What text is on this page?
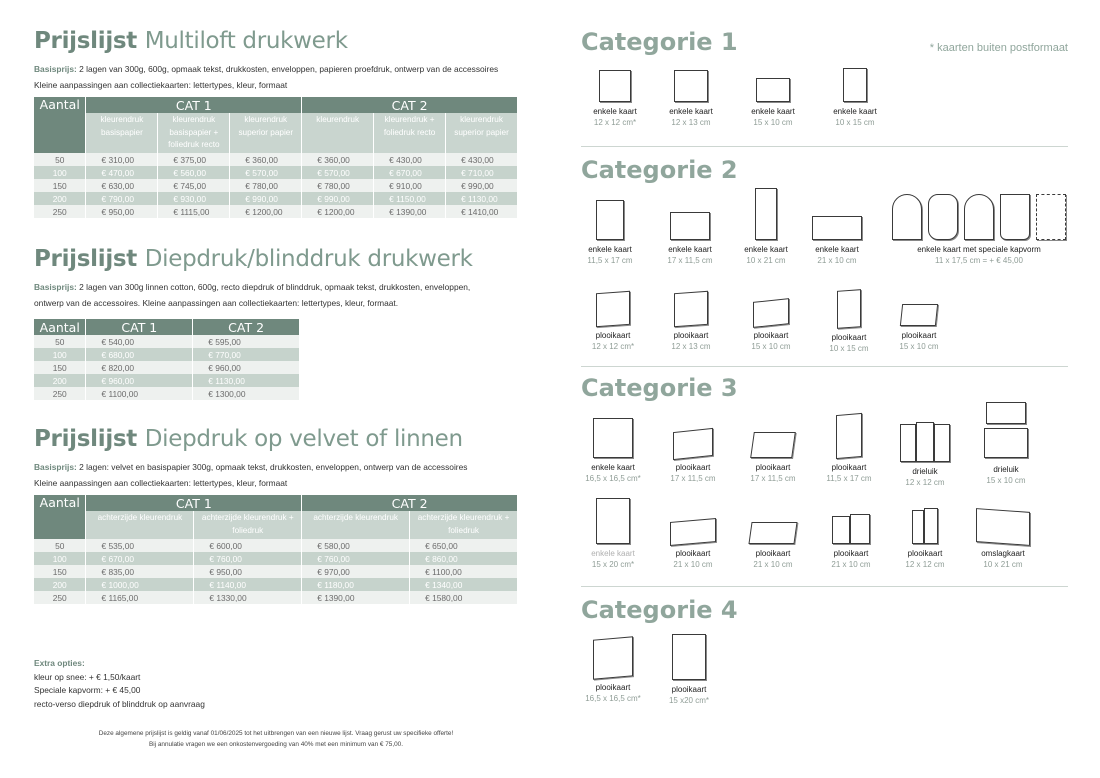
Prijslijst Multiloft drukwerk
Basisprijs: 2 lagen van 300g, 600g, opmaak tekst, drukkosten, enveloppen, papieren proefdruk, ontwerp van de accessoires
Kleine aanpassingen aan collectiekaarten: lettertypes, kleur, formaat
Aantal	CAT 1			CAT 2		
	kleurendruk basispapier	kleurendruk basispapier + foliedruk recto	kleurendruk superior papier	kleurendruk	kleurendruk + foliedruk recto	kleurendruk superior papier
50	€ 310,00	€ 375,00	€ 360,00	€ 360,00	€ 430,00	€ 430,00
100	€ 470,00	€ 560,00	€ 570,00	€ 570,00	€ 670,00	€ 710,00
150	€ 630,00	€ 745,00	€ 780,00	€ 780,00	€ 910,00	€ 990,00
200	€ 790,00	€ 930,00	€ 990,00	€ 990,00	€ 1150,00	€ 1130,00
250	€ 950,00	€ 1115,00	€ 1200,00	€ 1200,00	€ 1390,00	€ 1410,00
Prijslijst Diepdruk/blinddruk drukwerk
Basisprijs: 2 lagen van 300g linnen cotton, 600g, recto diepdruk of blinddruk, opmaak tekst, drukkosten, enveloppen,
ontwerp van de accessoires. Kleine aanpassingen aan collectiekaarten: lettertypes, kleur, formaat.
Aantal	CAT 1	CAT 2
50	€ 540,00	€ 595,00
100	€ 680,00	€ 770,00
150	€ 820,00	€ 960,00
200	€ 960,00	€ 1130,00
250	€ 1100,00	€ 1300,00
Prijslijst Diepdruk op velvet of linnen
Basisprijs: 2 lagen: velvet en basispapier 300g, opmaak tekst, drukkosten, enveloppen, ontwerp van de accessoires
Kleine aanpassingen aan collectiekaarten: lettertypes, kleur, formaat
Aantal	CAT 1		CAT 2	
	achterzijde kleurendruk	achterzijde kleurendruk + foliedruk	achterzijde kleurendruk	achterzijde kleurendruk + foliedruk
50	€ 535,00	€ 600,00	€ 580,00	€ 650,00
100	€ 670,00	€ 760,00	€ 760,00	€ 860,00
150	€ 835,00	€ 950,00	€ 970,00	€ 1100,00
200	€ 1000,00	€ 1140,00	€ 1180,00	€ 1340,00
250	€ 1165,00	€ 1330,00	€ 1390,00	€ 1580,00
Extra opties:
kleur op snee: + € 1,50/kaart
Speciale kapvorm: + € 45,00
recto-verso diepdruk of blinddruk op aanvraag
Deze algemene prijslijst is geldig vanaf 01/06/2025 tot het uitbrengen van een nieuwe lijst. Vraag gerust uw specifieke offerte!
Bij annulatie vragen we een onkostenvergoeding van 40% met een minimum van € 75,00.
Categorie 1	* kaarten buiten postformaat
enkele kaart
12 x 12 cm*
enkele kaart
12 x 13 cm
enkele kaart
15 x 10 cm
enkele kaart
10 x 15 cm
Categorie 2
enkele kaart
11,5 x 17 cm
enkele kaart
17 x 11,5 cm
enkele kaart
10 x 21 cm
enkele kaart
21 x 10 cm
enkele kaart met speciale kapvorm
11 x 17,5 cm = + € 45,00
plooikaart
12 x 12 cm*
plooikaart
12 x 13 cm
plooikaart
15 x 10 cm
plooikaart
10 x 15 cm
plooikaart
15 x 10 cm
Categorie 3
enkele kaart
16,5 x 16,5 cm*
plooikaart
17 x 11,5 cm
plooikaart
17 x 11,5 cm
plooikaart
11,5 x 17 cm
drieluik
12 x 12 cm
drieluik
15 x 10 cm
enkele kaart
15 x 20 cm*
plooikaart
21 x 10 cm
plooikaart
21 x 10 cm
plooikaart
21 x 10 cm
plooikaart
12 x 12 cm
omslagkaart
10 x 21 cm
Categorie 4
plooikaart
16,5 x 16,5 cm*
plooikaart
15 x20 cm*
